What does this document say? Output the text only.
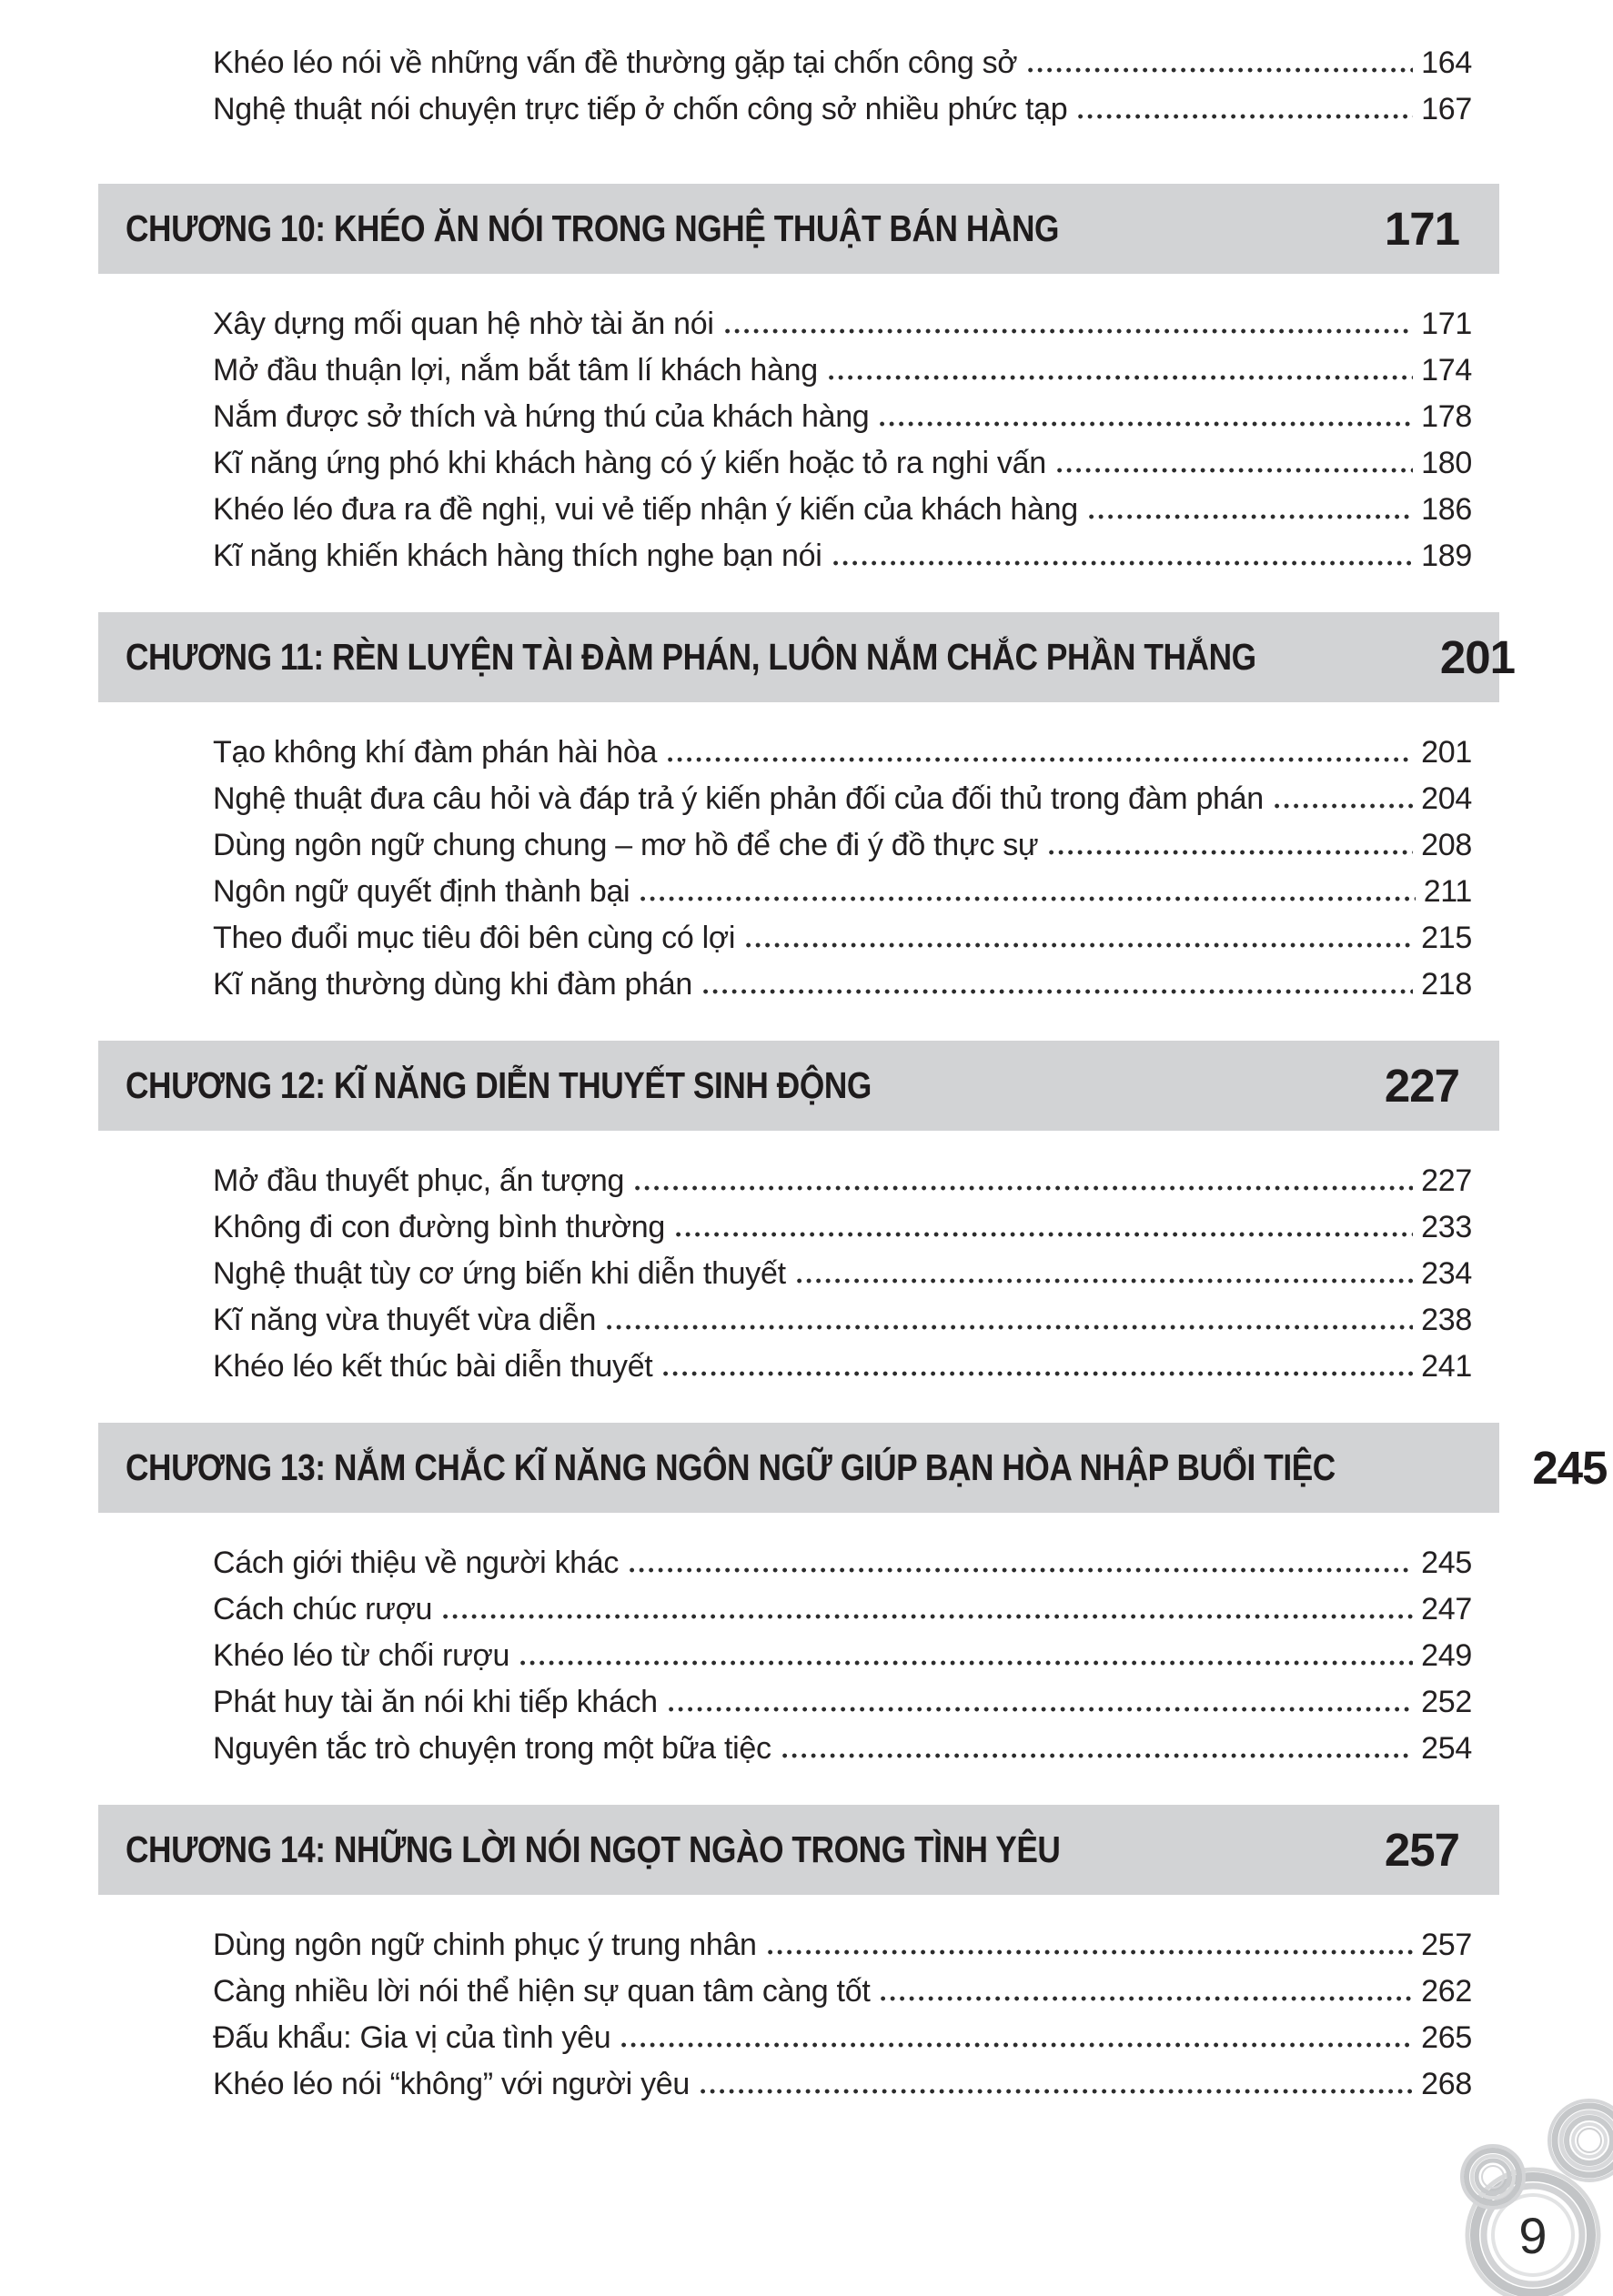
Khéo léo nói về những vấn đề thường gặp tại chốn công sở	164
Nghệ thuật nói chuyện trực tiếp ở chốn công sở nhiều phức tạp	167
CHƯƠNG 10: KHÉO ĂN NÓI TRONG NGHỆ THUẬT BÁN HÀNG	171
Xây dựng mối quan hệ nhờ tài ăn nói	171
Mở đầu thuận lợi, nắm bắt tâm lí khách hàng	174
Nắm được sở thích và hứng thú của khách hàng	178
Kĩ năng ứng phó khi khách hàng có ý kiến hoặc tỏ ra nghi vấn	180
Khéo léo đưa ra đề nghị, vui vẻ tiếp nhận ý kiến của khách hàng	186
Kĩ năng khiến khách hàng thích nghe bạn nói	189
CHƯƠNG 11: RÈN LUYỆN TÀI ĐÀM PHÁN, LUÔN NẮM CHẮC PHẦN THẮNG	201
Tạo không khí đàm phán hài hòa	201
Nghệ thuật đưa câu hỏi và đáp trả ý kiến phản đối của đối thủ trong đàm phán	204
Dùng ngôn ngữ chung chung – mơ hồ để che đi ý đồ thực sự	208
Ngôn ngữ quyết định thành bại	211
Theo đuổi mục tiêu đôi bên cùng có lợi	215
Kĩ năng thường dùng khi đàm phán	218
CHƯƠNG 12: KĨ NĂNG DIỄN THUYẾT SINH ĐỘNG	227
Mở đầu thuyết phục, ấn tượng	227
Không đi con đường bình thường	233
Nghệ thuật tùy cơ ứng biến khi diễn thuyết	234
Kĩ năng vừa thuyết vừa diễn	238
Khéo léo kết thúc bài diễn thuyết	241
CHƯƠNG 13: NẮM CHẮC KĨ NĂNG NGÔN NGỮ GIÚP BẠN HÒA NHẬP BUỔI TIỆC	245
Cách giới thiệu về người khác	245
Cách chúc rượu	247
Khéo léo từ chối rượu	249
Phát huy tài ăn nói khi tiếp khách	252
Nguyên tắc trò chuyện trong một bữa tiệc	254
CHƯƠNG 14: NHỮNG LỜI NÓI NGỌT NGÀO TRONG TÌNH YÊU	257
Dùng ngôn ngữ chinh phục ý trung nhân	257
Càng nhiều lời nói thể hiện sự quan tâm càng tốt	262
Đấu khẩu: Gia vị của tình yêu	265
Khéo léo nói “không” với người yêu	268
9
